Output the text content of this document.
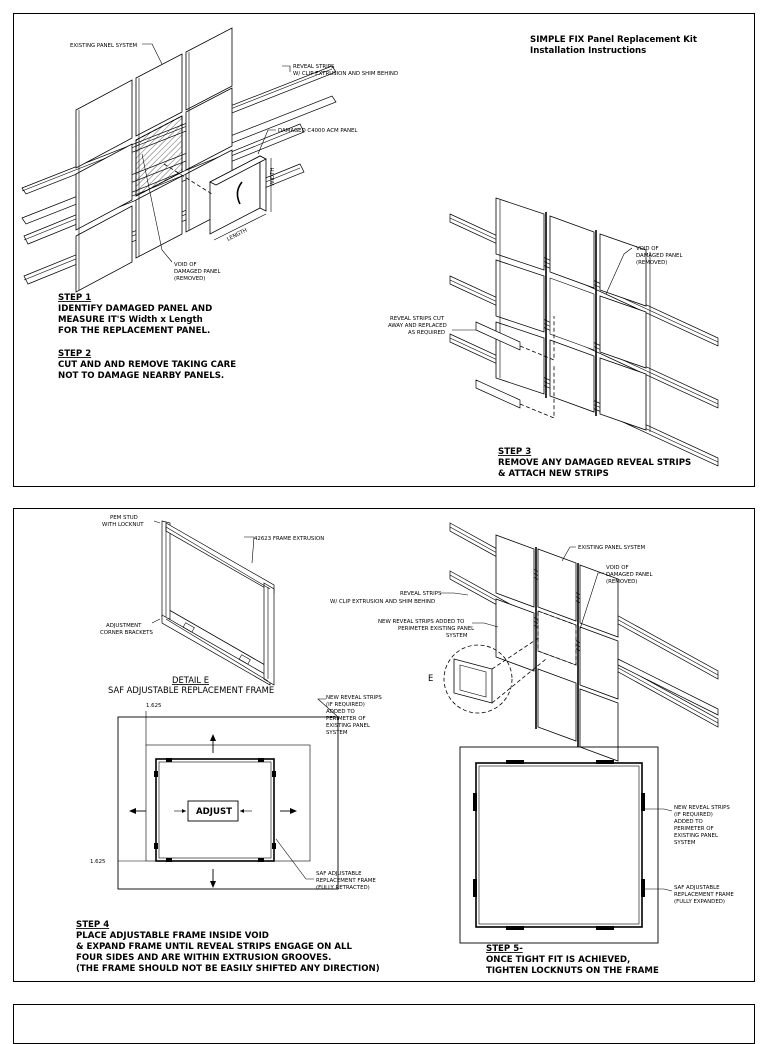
EXISTING PANEL SYSTEM
REVEAL STRIPS
W/ CLIP EXTRUSION AND SHIM BEHIND
DAMAGED C4000 ACM PANEL
WIDTH
LENGTH
VOID OF
DAMAGED PANEL
(REMOVED)
SIMPLE FIX Panel Replacement Kit
Installation Instructions
STEP 1
IDENTIFY DAMAGED PANEL AND
MEASURE IT'S Width x Length
FOR THE REPLACEMENT PANEL.
STEP 2
CUT AND AND REMOVE TAKING CARE
NOT TO DAMAGE NEARBY PANELS.
VOID OF
DAMAGED PANEL
(REMOVED)
REVEAL STRIPS CUT
AWAY AND REPLACED
AS REQUIRED
STEP 3
REMOVE ANY DAMAGED REVEAL STRIPS
& ATTACH NEW STRIPS
PEM STUD
WITH LOCKNUT
42623 FRAME EXTRUSION
ADJUSTMENT
CORNER BRACKETS
DETAIL E
SAF ADJUSTABLE REPLACEMENT FRAME
EXISTING PANEL SYSTEM
VOID OF
DAMAGED PANEL
(REMOVED)
REVEAL STRIPS
W/ CLIP EXTRUSION AND SHIM BEHIND
NEW REVEAL STRIPS ADDED TO
PERIMETER EXISTING PANEL
SYSTEM
E
1.625
1.625
ADJUST
NEW REVEAL STRIPS
(IF REQUIRED)
ADDED TO
PERIMETER OF
EXISTING PANEL
SYSTEM
SAF ADJUSTABLE
REPLACEMENT FRAME
(FULLY RETRACTED)
STEP 4
PLACE ADJUSTABLE FRAME INSIDE VOID
& EXPAND FRAME UNTIL REVEAL STRIPS ENGAGE ON ALL
FOUR SIDES AND ARE WITHIN EXTRUSION GROOVES.
(THE FRAME SHOULD NOT BE EASILY SHIFTED ANY DIRECTION)
NEW REVEAL STRIPS
(IF REQUIRED)
ADDED TO
PERIMETER OF
EXISTING PANEL
SYSTEM
SAF ADJUSTABLE
REPLACEMENT FRAME
(FULLY EXPANDED)
STEP 5-
ONCE TIGHT FIT IS ACHIEVED,
TIGHTEN LOCKNUTS ON THE FRAME
